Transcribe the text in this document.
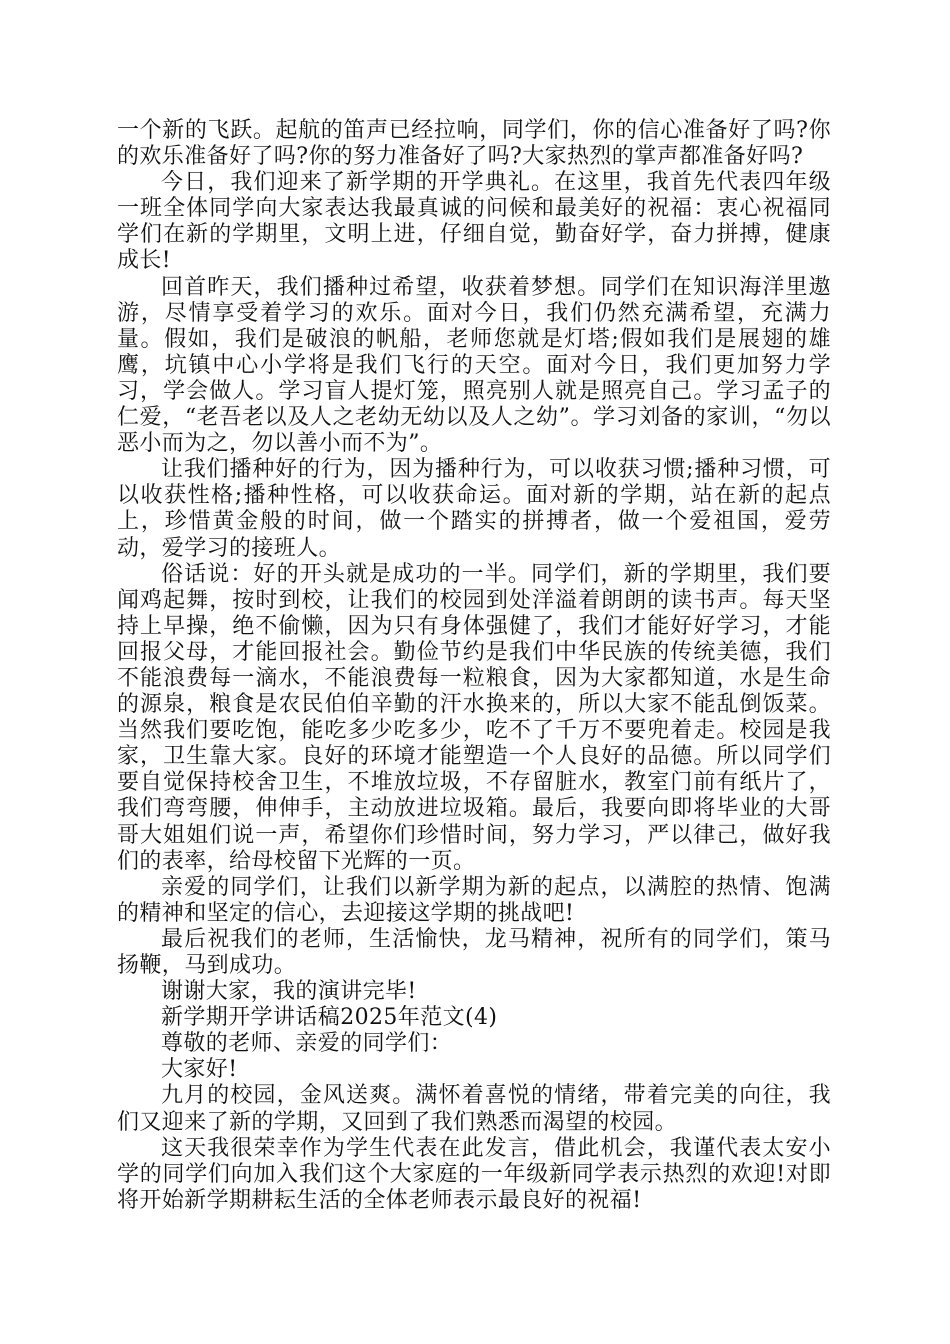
一个新的飞跃。起航的笛声已经拉响，同学们，你的信心准备好了吗?你的欢乐准备好了吗?你的努力准备好了吗?大家热烈的掌声都准备好吗?

今日，我们迎来了新学期的开学典礼。在这里，我首先代表四年级一班全体同学向大家表达我最真诚的问候和最美好的祝福：衷心祝福同学们在新的学期里，文明上进，仔细自觉，勤奋好学，奋力拼搏，健康成长!

回首昨天，我们播种过希望，收获着梦想。同学们在知识海洋里遨游，尽情享受着学习的欢乐。面对今日，我们仍然充满希望，充满力量。假如，我们是破浪的帆船，老师您就是灯塔;假如我们是展翅的雄鹰，坑镇中心小学将是我们飞行的天空。面对今日，我们更加努力学习，学会做人。学习盲人提灯笼，照亮别人就是照亮自己。学习孟子的仁爱，“老吾老以及人之老幼无幼以及人之幼”。学习刘备的家训，“勿以恶小而为之，勿以善小而不为”。

让我们播种好的行为，因为播种行为，可以收获习惯;播种习惯，可以收获性格;播种性格，可以收获命运。面对新的学期，站在新的起点上，珍惜黄金般的时间，做一个踏实的拼搏者，做一个爱祖国，爱劳动，爱学习的接班人。

俗话说：好的开头就是成功的一半。同学们，新的学期里，我们要闻鸡起舞，按时到校，让我们的校园到处洋溢着朗朗的读书声。每天坚持上早操，绝不偷懒，因为只有身体强健了，我们才能好好学习，才能回报父母，才能回报社会。勤俭节约是我们中华民族的传统美德，我们不能浪费每一滴水，不能浪费每一粒粮食，因为大家都知道，水是生命的源泉，粮食是农民伯伯辛勤的汗水换来的，所以大家不能乱倒饭菜。当然我们要吃饱，能吃多少吃多少，吃不了千万不要兜着走。校园是我家，卫生靠大家。良好的环境才能塑造一个人良好的品德。所以同学们要自觉保持校舍卫生，不堆放垃圾，不存留脏水，教室门前有纸片了，我们弯弯腰，伸伸手，主动放进垃圾箱。最后，我要向即将毕业的大哥哥大姐姐们说一声，希望你们珍惜时间，努力学习，严以律己，做好我们的表率，给母校留下光辉的一页。

亲爱的同学们，让我们以新学期为新的起点，以满腔的热情、饱满的精神和坚定的信心，去迎接这学期的挑战吧!

最后祝我们的老师，生活愉快，龙马精神，祝所有的同学们，策马扬鞭，马到成功。

谢谢大家，我的演讲完毕!

新学期开学讲话稿2025年范文(4)

尊敬的老师、亲爱的同学们：

大家好!

九月的校园，金风送爽。满怀着喜悦的情绪，带着完美的向往，我们又迎来了新的学期，又回到了我们熟悉而渴望的校园。

这天我很荣幸作为学生代表在此发言，借此机会，我谨代表太安小学的同学们向加入我们这个大家庭的一年级新同学表示热烈的欢迎!对即将开始新学期耕耘生活的全体老师表示最良好的祝福!
